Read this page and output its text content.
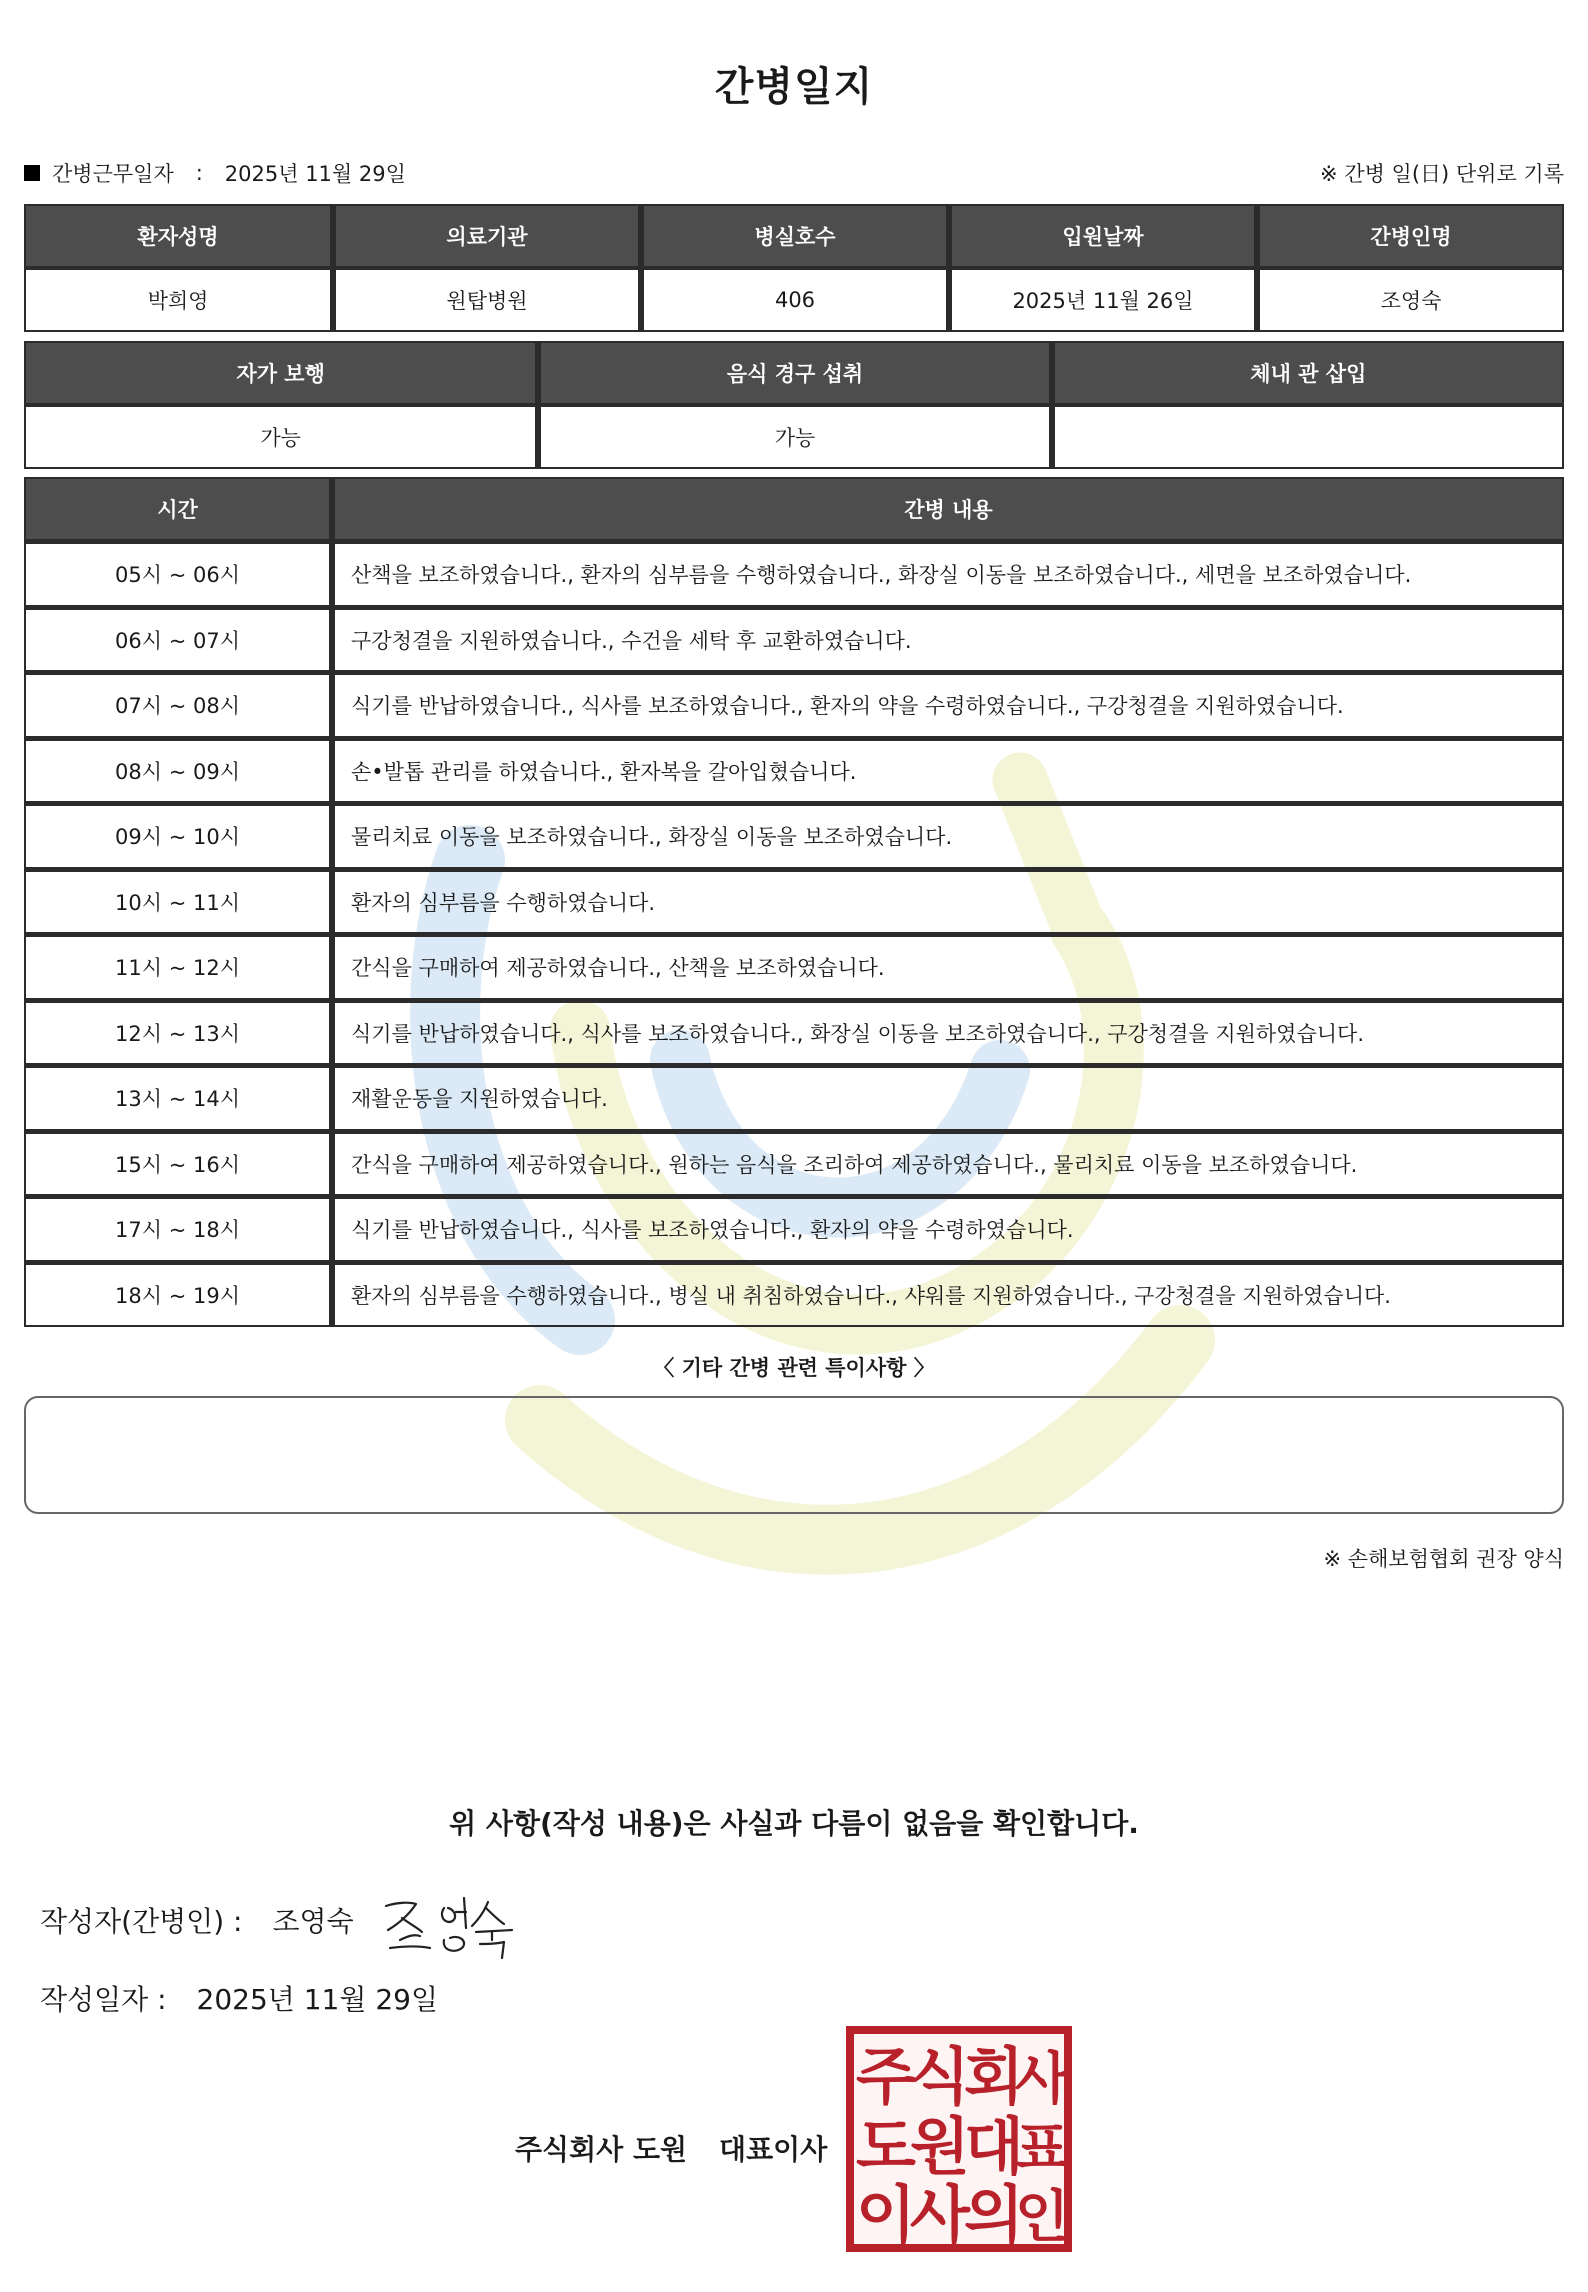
간병일지
간병근무일자 : 2025년 11월 29일	※ 간병 일(日) 단위로 기록
환자성명	의료기관	병실호수	입원날짜	간병인명
박희영	원탑병원	406	2025년 11월 26일	조영숙
자가 보행	음식 경구 섭취	체내 관 삽입
가능	가능	
시간	간병 내용
05시 ~ 06시	산책을 보조하였습니다., 환자의 심부름을 수행하였습니다., 화장실 이동을 보조하였습니다., 세면을 보조하였습니다.
06시 ~ 07시	구강청결을 지원하였습니다., 수건을 세탁 후 교환하였습니다.
07시 ~ 08시	식기를 반납하였습니다., 식사를 보조하였습니다., 환자의 약을 수령하였습니다., 구강청결을 지원하였습니다.
08시 ~ 09시	손•발톱 관리를 하였습니다., 환자복을 갈아입혔습니다.
09시 ~ 10시	물리치료 이동을 보조하였습니다., 화장실 이동을 보조하였습니다.
10시 ~ 11시	환자의 심부름을 수행하였습니다.
11시 ~ 12시	간식을 구매하여 제공하였습니다., 산책을 보조하였습니다.
12시 ~ 13시	식기를 반납하였습니다., 식사를 보조하였습니다., 화장실 이동을 보조하였습니다., 구강청결을 지원하였습니다.
13시 ~ 14시	재활운동을 지원하였습니다.
15시 ~ 16시	간식을 구매하여 제공하였습니다., 원하는 음식을 조리하여 제공하였습니다., 물리치료 이동을 보조하였습니다.
17시 ~ 18시	식기를 반납하였습니다., 식사를 보조하였습니다., 환자의 약을 수령하였습니다.
18시 ~ 19시	환자의 심부름을 수행하였습니다., 병실 내 취침하였습니다., 샤워를 지원하였습니다., 구강청결을 지원하였습니다.
〈 기타 간병 관련 특이사항 〉
※ 손해보험협회 권장 양식
위 사항(작성 내용)은 사실과 다름이 없음을 확인합니다.
작성자(간병인) : 조영숙
작성일자 : 2025년 11월 29일
주식회사 도원 대표이사
주
식
회
사
도
원
대
표
이
사
의
인
